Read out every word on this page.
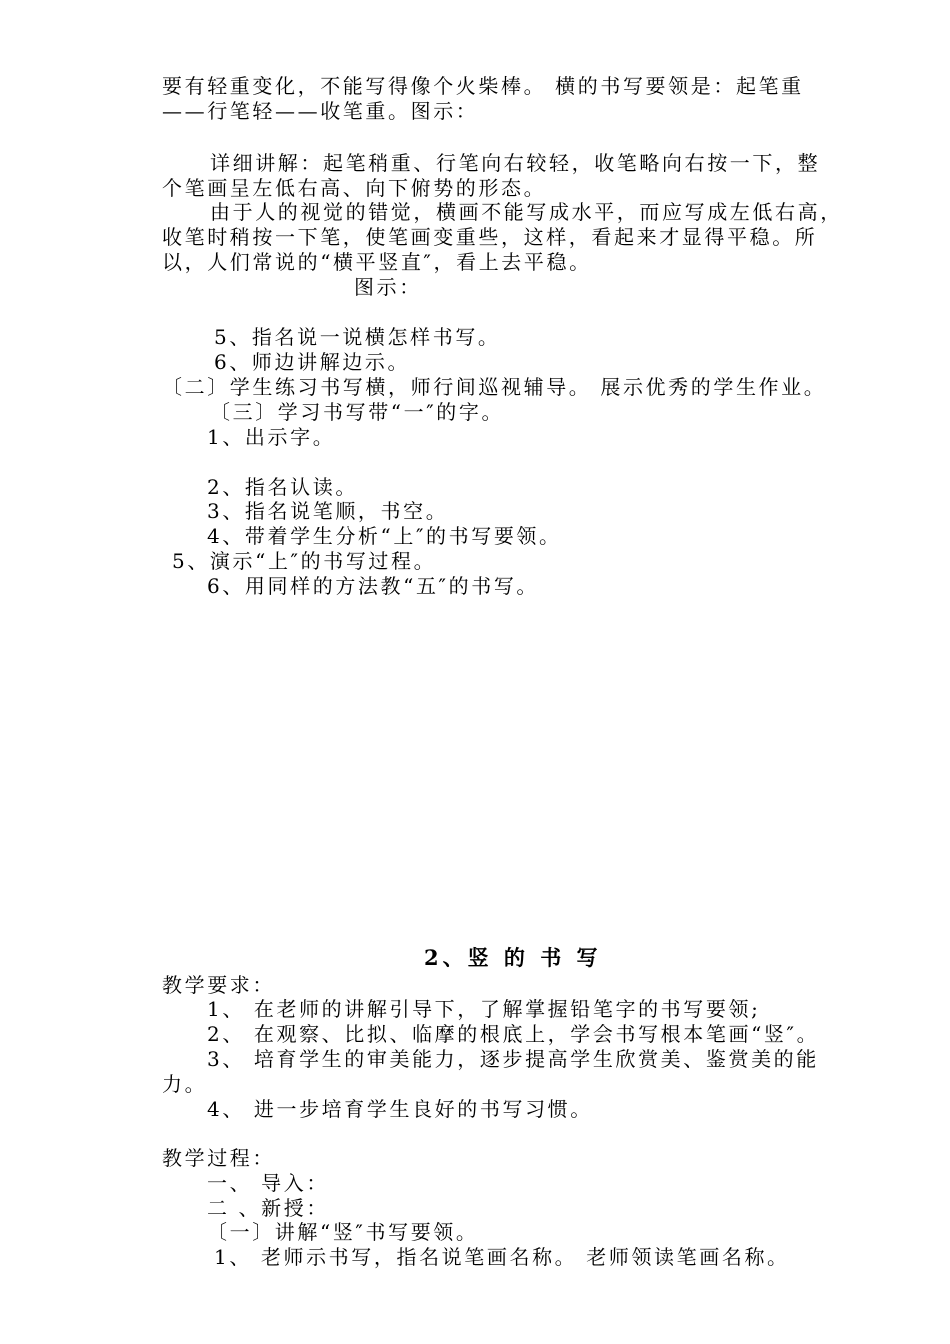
要有轻重变化，不能写得像个火柴棒。 横的书写要领是：起笔重
——行笔轻——收笔重。图示：
详细讲解：起笔稍重、行笔向右较轻，收笔略向右按一下，整
个笔画呈左低右高、向下俯势的形态。
由于人的视觉的错觉，横画不能写成水平，而应写成左低右高，
收笔时稍按一下笔，使笔画变重些，这样，看起来才显得平稳。所
以，人们常说的“横平竖直″，看上去平稳。
图示：
5、指名说一说横怎样书写。
6、师边讲解边示。
〔二〕学生练习书写横，师行间巡视辅导。 展示优秀的学生作业。
〔三〕学习书写带“一″的字。
1、出示字。
2、指名认读。
3、指名说笔顺，书空。
4、带着学生分析“上″的书写要领。
5、演示“上″的书写过程。
6、用同样的方法教“五″的书写。
2、竖 的 书 写
教学要求：
1、 在老师的讲解引导下，了解掌握铅笔字的书写要领;
2、 在观察、比拟、临摩的根底上，学会书写根本笔画“竖″。
3、 培育学生的审美能力，逐步提高学生欣赏美、鉴赏美的能
力。
4、 进一步培育学生良好的书写习惯。
教学过程：
一、 导入：
二 、新授：
〔一〕讲解“竖″书写要领。
1、 老师示书写，指名说笔画名称。 老师领读笔画名称。
